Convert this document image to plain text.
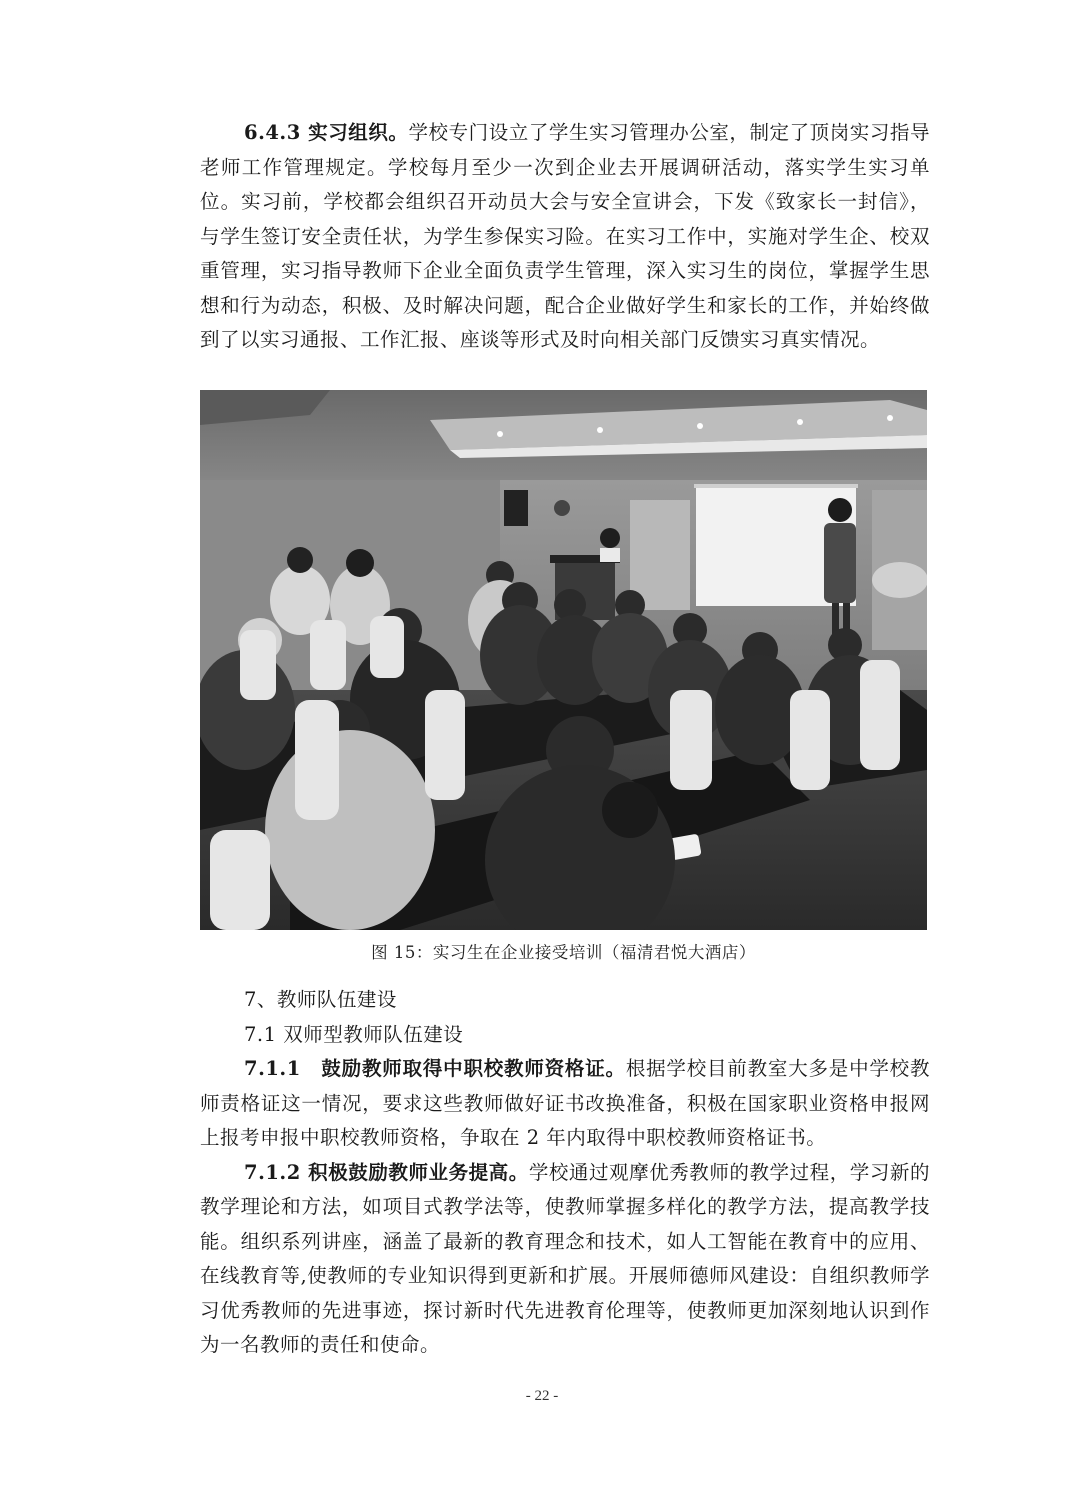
6.4.3 实习组织。学校专门设立了学生实习管理办公室，制定了顶岗实习指导老师工作管理规定。学校每月至少一次到企业去开展调研活动，落实学生实习单位。实习前，学校都会组织召开动员大会与安全宣讲会，下发《致家长一封信》，与学生签订安全责任状，为学生参保实习险。在实习工作中，实施对学生企、校双重管理，实习指导教师下企业全面负责学生管理，深入实习生的岗位，掌握学生思想和行为动态，积极、及时解决问题，配合企业做好学生和家长的工作，并始终做到了以实习通报、工作汇报、座谈等形式及时向相关部门反馈实习真实情况。

图 15：实习生在企业接受培训（福清君悦大酒店）

7、教师队伍建设

7.1 双师型教师队伍建设

7.1.1　鼓励教师取得中职校教师资格证。根据学校目前教室大多是中学校教师责格证这一情况，要求这些教师做好证书改换准备，积极在国家职业资格申报网上报考申报中职校教师资格，争取在 2 年内取得中职校教师资格证书。

7.1.2 积极鼓励教师业务提高。学校通过观摩优秀教师的教学过程，学习新的教学理论和方法，如项目式教学法等，使教师掌握多样化的教学方法，提高教学技能。组织系列讲座，涵盖了最新的教育理念和技术，如人工智能在教育中的应用、在线教育等,使教师的专业知识得到更新和扩展。开展师德师风建设：自组织教师学习优秀教师的先进事迹，探讨新时代先进教育伦理等，使教师更加深刻地认识到作为一名教师的责任和使命。

- 22 -
